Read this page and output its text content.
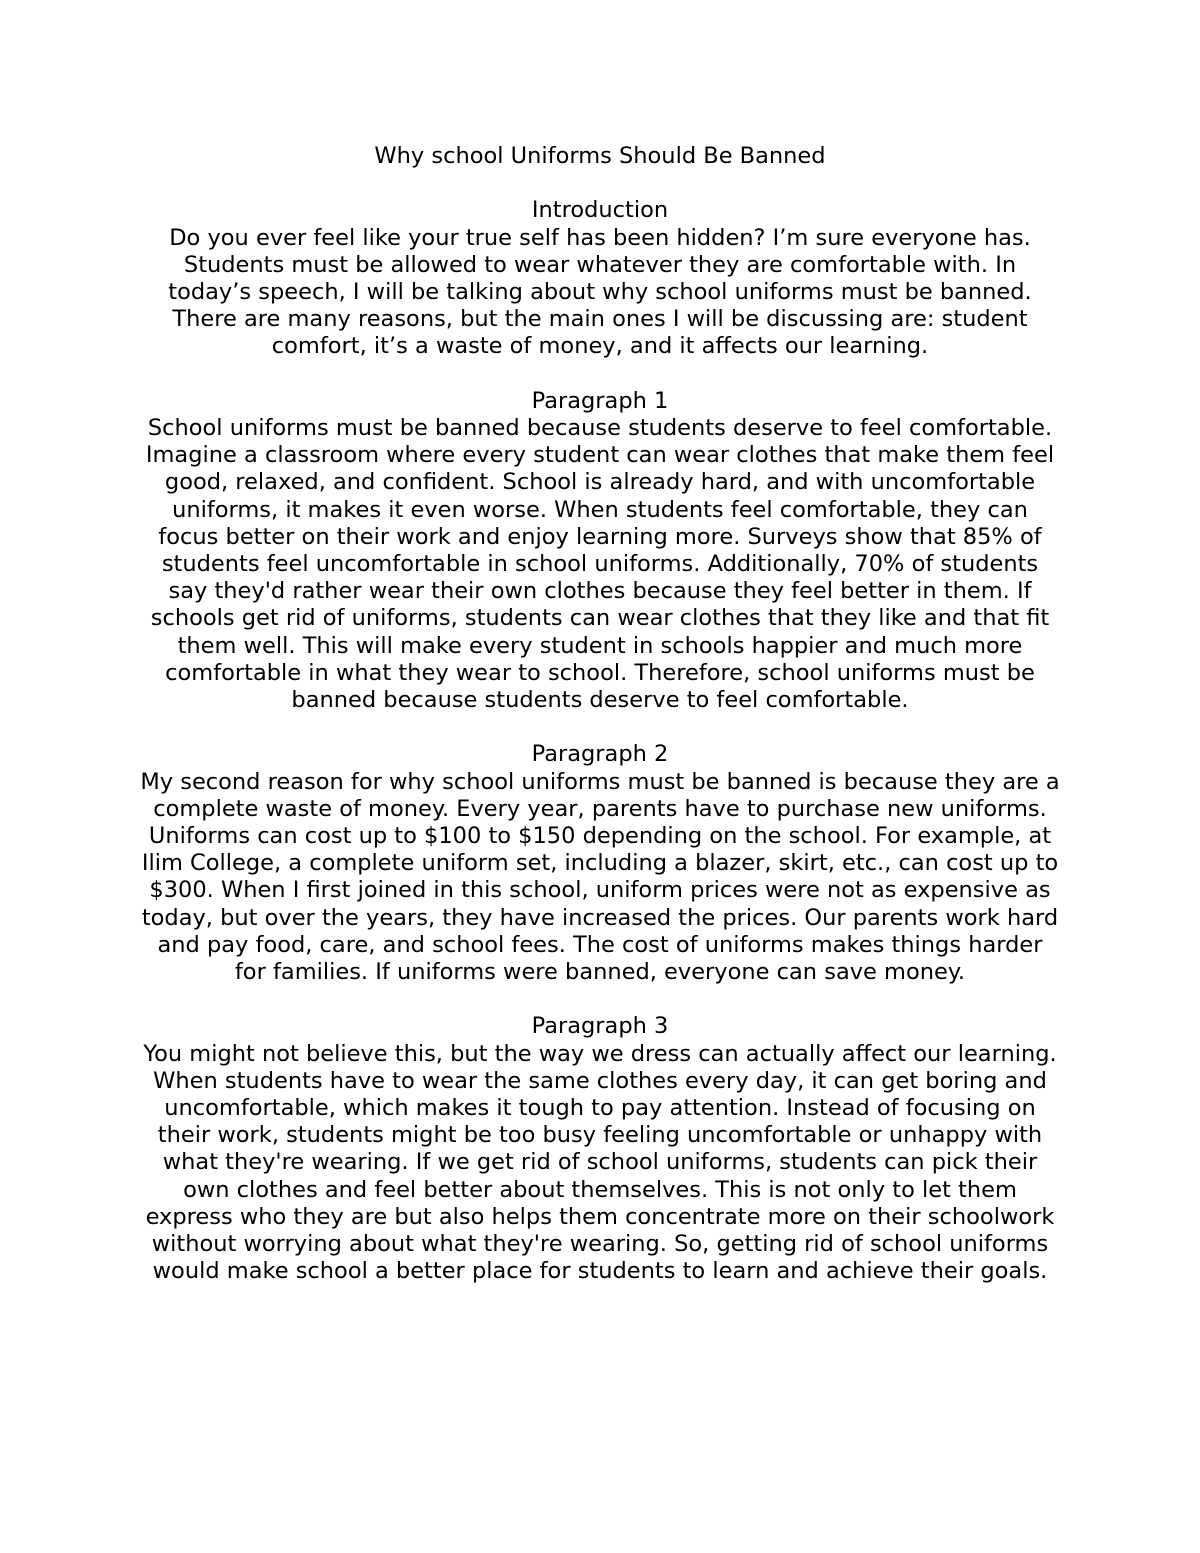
Why school Uniforms Should Be Banned
Introduction

Do you ever feel like your true self has been hidden? I’m sure everyone has. Students must be allowed to wear whatever they are comfortable with. In today’s speech, I will be talking about why school uniforms must be banned. There are many reasons, but the main ones I will be discussing are: student comfort, it’s a waste of money, and it affects our learning.

Paragraph 1

School uniforms must be banned because students deserve to feel comfortable. Imagine a classroom where every student can wear clothes that make them feel good, relaxed, and confident. School is already hard, and with uncomfortable uniforms, it makes it even worse. When students feel comfortable, they can focus better on their work and enjoy learning more. Surveys show that 85% of students feel uncomfortable in school uniforms. Additionally, 70% of students say they'd rather wear their own clothes because they feel better in them. If schools get rid of uniforms, students can wear clothes that they like and that fit them well. This will make every student in schools happier and much more comfortable in what they wear to school. Therefore, school uniforms must be banned because students deserve to feel comfortable.

Paragraph 2

My second reason for why school uniforms must be banned is because they are a complete waste of money. Every year, parents have to purchase new uniforms. Uniforms can cost up to $100 to $150 depending on the school. For example, at Ilim College, a complete uniform set, including a blazer, skirt, etc., can cost up to $300. When I first joined in this school, uniform prices were not as expensive as today, but over the years, they have increased the prices. Our parents work hard and pay food, care, and school fees. The cost of uniforms makes things harder for families. If uniforms were banned, everyone can save money.

Paragraph 3

You might not believe this, but the way we dress can actually affect our learning. When students have to wear the same clothes every day, it can get boring and uncomfortable, which makes it tough to pay attention. Instead of focusing on their work, students might be too busy feeling uncomfortable or unhappy with what they're wearing. If we get rid of school uniforms, students can pick their own clothes and feel better about themselves. This is not only to let them express who they are but also helps them concentrate more on their schoolwork without worrying about what they're wearing. So, getting rid of school uniforms would make school a better place for students to learn and achieve their goals.
